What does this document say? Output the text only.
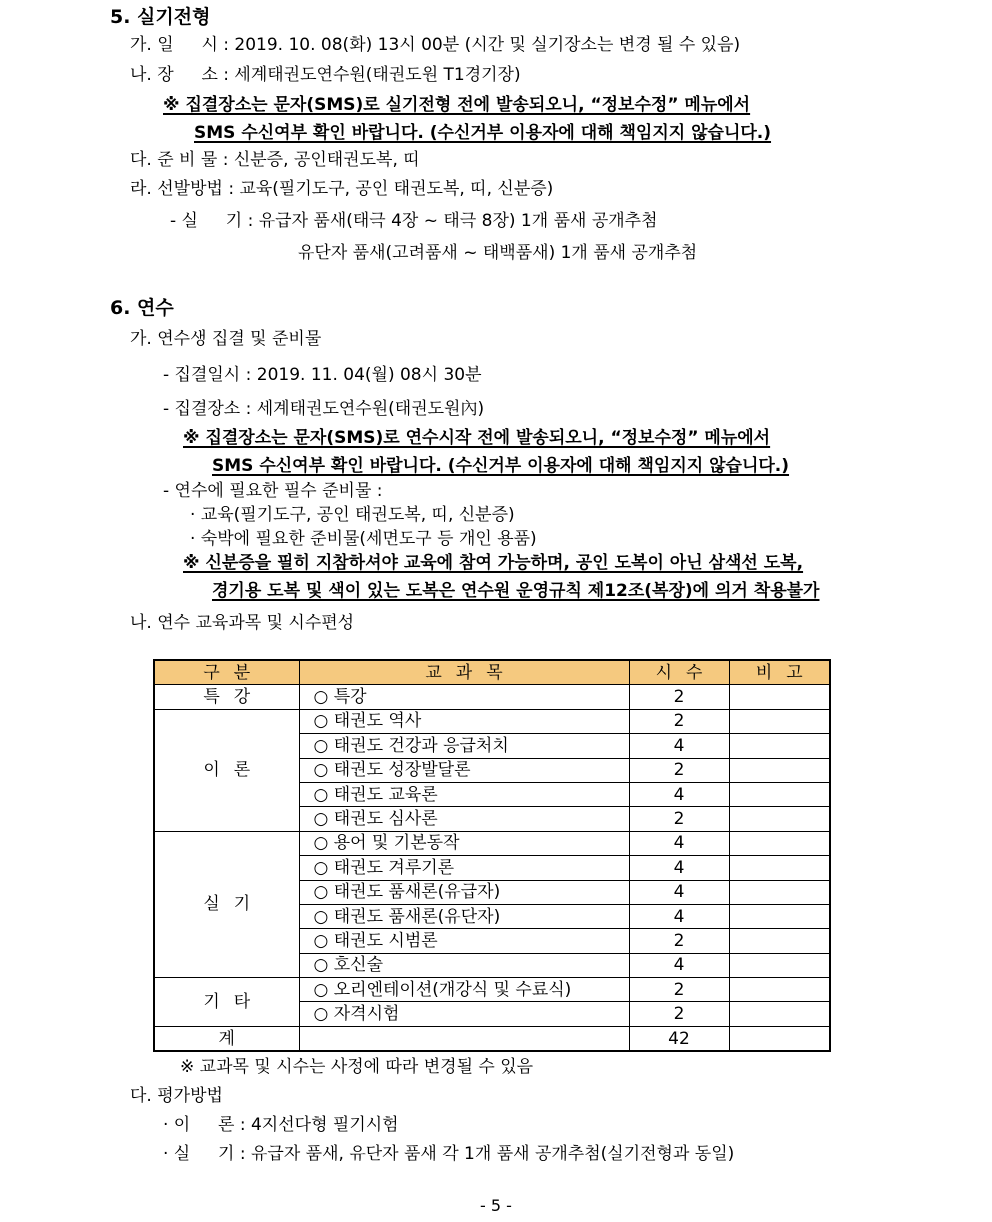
5. 실기전형
가. 일 　 시 : 2019. 10. 08(화) 13시 00분 (시간 및 실기장소는 변경 될 수 있음)
나. 장 　 소 : 세계태권도연수원(태권도원 T1경기장)
※ 집결장소는 문자(SMS)로 실기전형 전에 발송되오니, “정보수정” 메뉴에서
SMS 수신여부 확인 바랍니다. (수신거부 이용자에 대해 책임지지 않습니다.)
다. 준 비 물 : 신분증, 공인태권도복, 띠
라. 선발방법 : 교육(필기도구, 공인 태권도복, 띠, 신분증)
- 실 　 기 : 유급자 품새(태극 4장 ~ 태극 8장) 1개 품새 공개추첨
유단자 품새(고려품새 ~ 태백품새) 1개 품새 공개추첨
6. 연수
가. 연수생 집결 및 준비물
- 집결일시 : 2019. 11. 04(월) 08시 30분
- 집결장소 : 세계태권도연수원(태권도원內)
※ 집결장소는 문자(SMS)로 연수시작 전에 발송되오니, “정보수정” 메뉴에서
SMS 수신여부 확인 바랍니다. (수신거부 이용자에 대해 책임지지 않습니다.)
- 연수에 필요한 필수 준비물 :
· 교육(필기도구, 공인 태권도복, 띠, 신분증)
· 숙박에 필요한 준비물(세면도구 등 개인 용품)
※ 신분증을 필히 지참하셔야 교육에 참여 가능하며, 공인 도복이 아닌 삼색선 도복,
경기용 도복 및 색이 있는 도복은 연수원 운영규칙 제12조(복장)에 의거 착용불가
나. 연수 교육과목 및 시수편성
구분	교과목	시수	비고
특강	○ 특강	2	
이론	○ 태권도 역사	2	
	○ 태권도 건강과 응급처치	4	
	○ 태권도 성장발달론	2	
	○ 태권도 교육론	4	
	○ 태권도 심사론	2	
실기	○ 용어 및 기본동작	4	
	○ 태권도 겨루기론	4	
	○ 태권도 품새론(유급자)	4	
	○ 태권도 품새론(유단자)	4	
	○ 태권도 시범론	2	
	○ 호신술	4	
기타	○ 오리엔테이션(개강식 및 수료식)	2	
	○ 자격시험	2	
계		42	
※ 교과목 및 시수는 사정에 따라 변경될 수 있음
다. 평가방법
· 이 　 론 : 4지선다형 필기시험
· 실 　 기 : 유급자 품새, 유단자 품새 각 1개 품새 공개추첨(실기전형과 동일)
- 5 -
